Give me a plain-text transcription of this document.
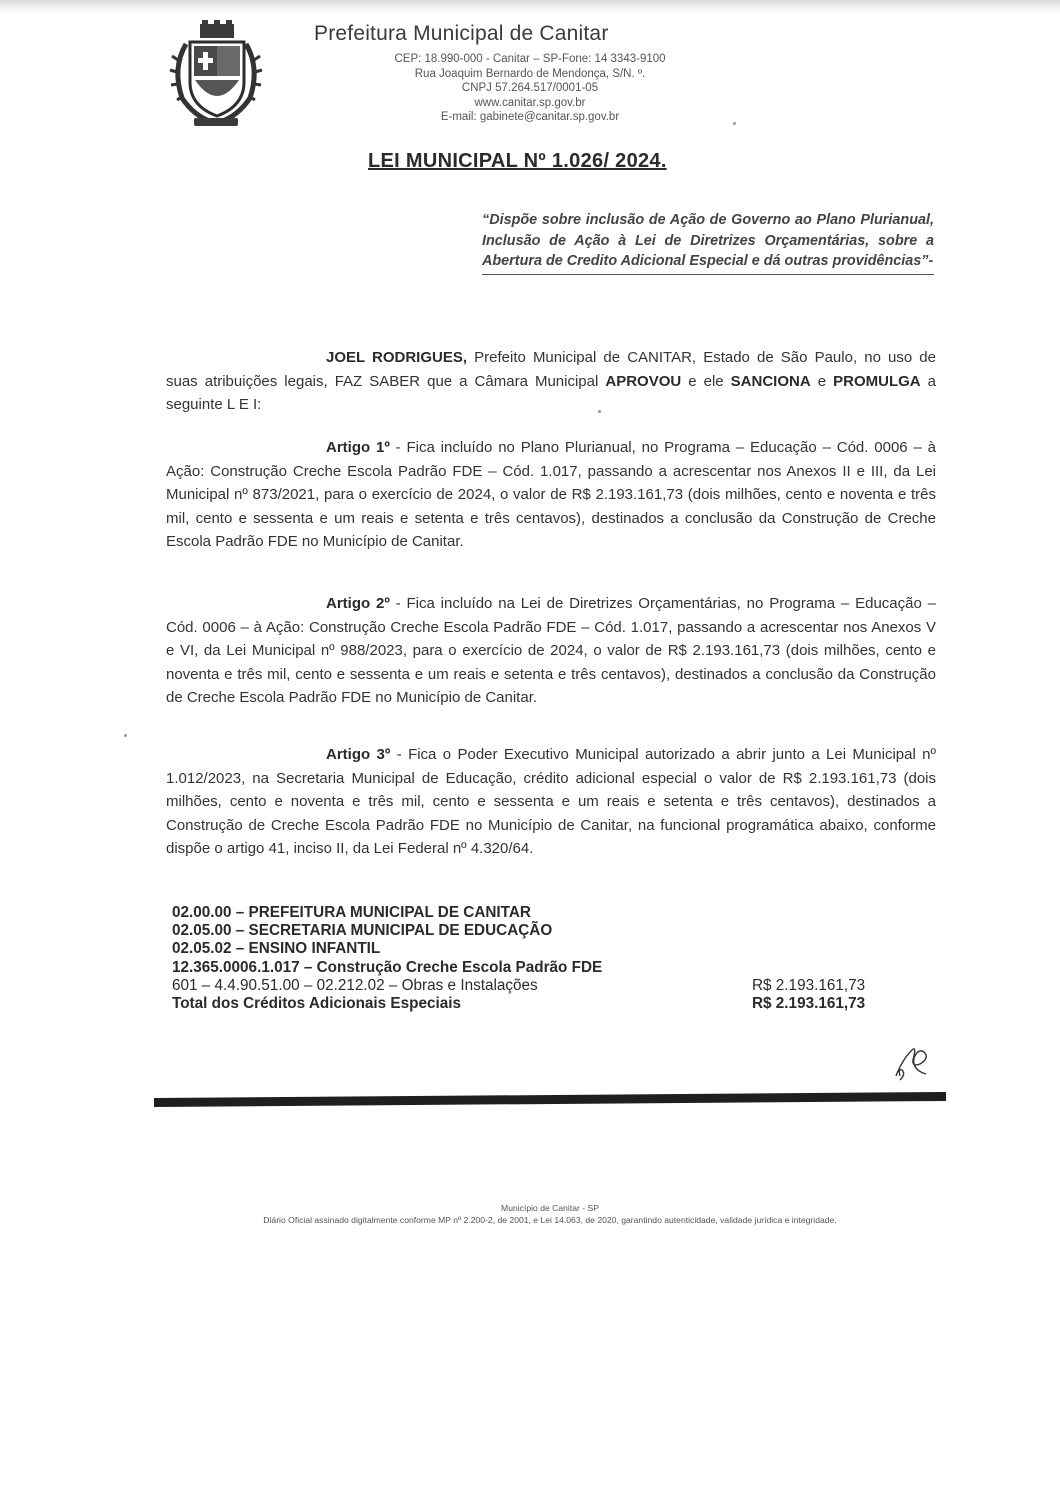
Prefeitura Municipal de Canitar
CEP: 18.990-000 - Canitar – SP-Fone: 14 3343-9100
Rua Joaquim Bernardo de Mendonça, S/N. º.
CNPJ 57.264.517/0001-05
www.canitar.sp.gov.br
E-mail: gabinete@canitar.sp.gov.br
LEI MUNICIPAL Nº 1.026/ 2024.
“Dispõe sobre inclusão de Ação de Governo ao Plano Plurianual, Inclusão de Ação à Lei de Diretrizes Orçamentárias, sobre a Abertura de Credito Adicional Especial e dá outras providências”-

JOEL RODRIGUES, Prefeito Municipal de CANITAR, Estado de São Paulo, no uso de suas atribuições legais, FAZ SABER que a Câmara Municipal APROVOU e ele SANCIONA e PROMULGA a seguinte L E I:

Artigo 1º - Fica incluído no Plano Plurianual, no Programa – Educação – Cód. 0006 – à Ação: Construção Creche Escola Padrão FDE – Cód. 1.017, passando a acrescentar nos Anexos II e III, da Lei Municipal nº 873/2021, para o exercício de 2024, o valor de R$ 2.193.161,73 (dois milhões, cento e noventa e três mil, cento e sessenta e um reais e setenta e três centavos), destinados a conclusão da Construção de Creche Escola Padrão FDE no Município de Canitar.

Artigo 2º - Fica incluído na Lei de Diretrizes Orçamentárias, no Programa – Educação – Cód. 0006 – à Ação: Construção Creche Escola Padrão FDE – Cód. 1.017, passando a acrescentar nos Anexos V e VI, da Lei Municipal nº 988/2023, para o exercício de 2024, o valor de R$ 2.193.161,73 (dois milhões, cento e noventa e três mil, cento e sessenta e um reais e setenta e três centavos), destinados a conclusão da Construção de Creche Escola Padrão FDE no Município de Canitar.

Artigo 3º - Fica o Poder Executivo Municipal autorizado a abrir junto a Lei Municipal nº 1.012/2023, na Secretaria Municipal de Educação, crédito adicional especial o valor de R$ 2.193.161,73 (dois milhões, cento e noventa e três mil, cento e sessenta e um reais e setenta e três centavos), destinados a Construção de Creche Escola Padrão FDE no Município de Canitar, na funcional programática abaixo, conforme dispõe o artigo 41, inciso II, da Lei Federal nº 4.320/64.

02.00.00 – PREFEITURA MUNICIPAL DE CANITAR
02.05.00 – SECRETARIA MUNICIPAL DE EDUCAÇÃO
02.05.02 – ENSINO INFANTIL
12.365.0006.1.017 – Construção Creche Escola Padrão FDE
601 – 4.4.90.51.00 – 02.212.02 – Obras e Instalações	R$ 2.193.161,73
Total dos Créditos Adicionais Especiais	R$ 2.193.161,73
Município de Canitar - SP
Diário Oficial assinado digitalmente conforme MP nº 2.200-2, de 2001, e Lei 14.063, de 2020, garantindo autenticidade, validade jurídica e integridade.
